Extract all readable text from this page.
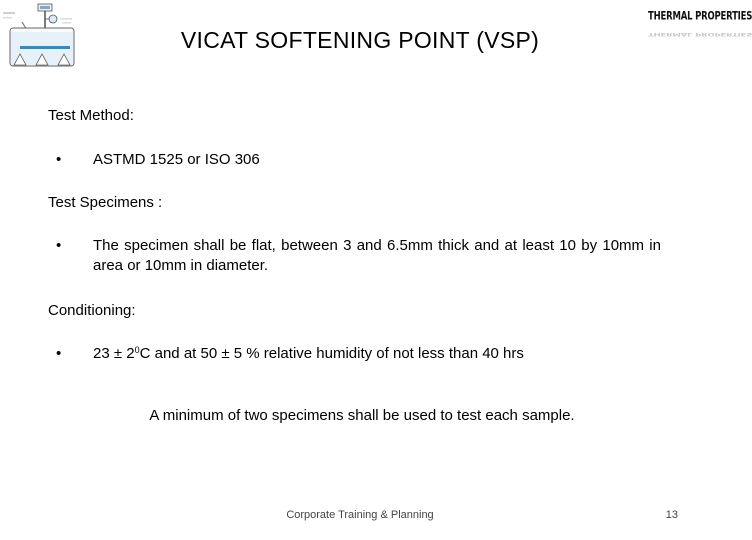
THERMAL PROPERTIES
THERMAL PROPERTIES
VICAT SOFTENING POINT (VSP)
Test Method:
• ASTMD 1525 or ISO 306
Test Specimens :
• The specimen shall be flat, between 3 and 6.5mm thick and at least 10 by 10mm in area or 10mm in diameter.
Conditioning:
• $23 \pm 2^0C$ and at 50 ± 5 % relative humidity of not less than 40 hrs
A minimum of two specimens shall be used to test each sample.
Corporate Training & Planning	13
